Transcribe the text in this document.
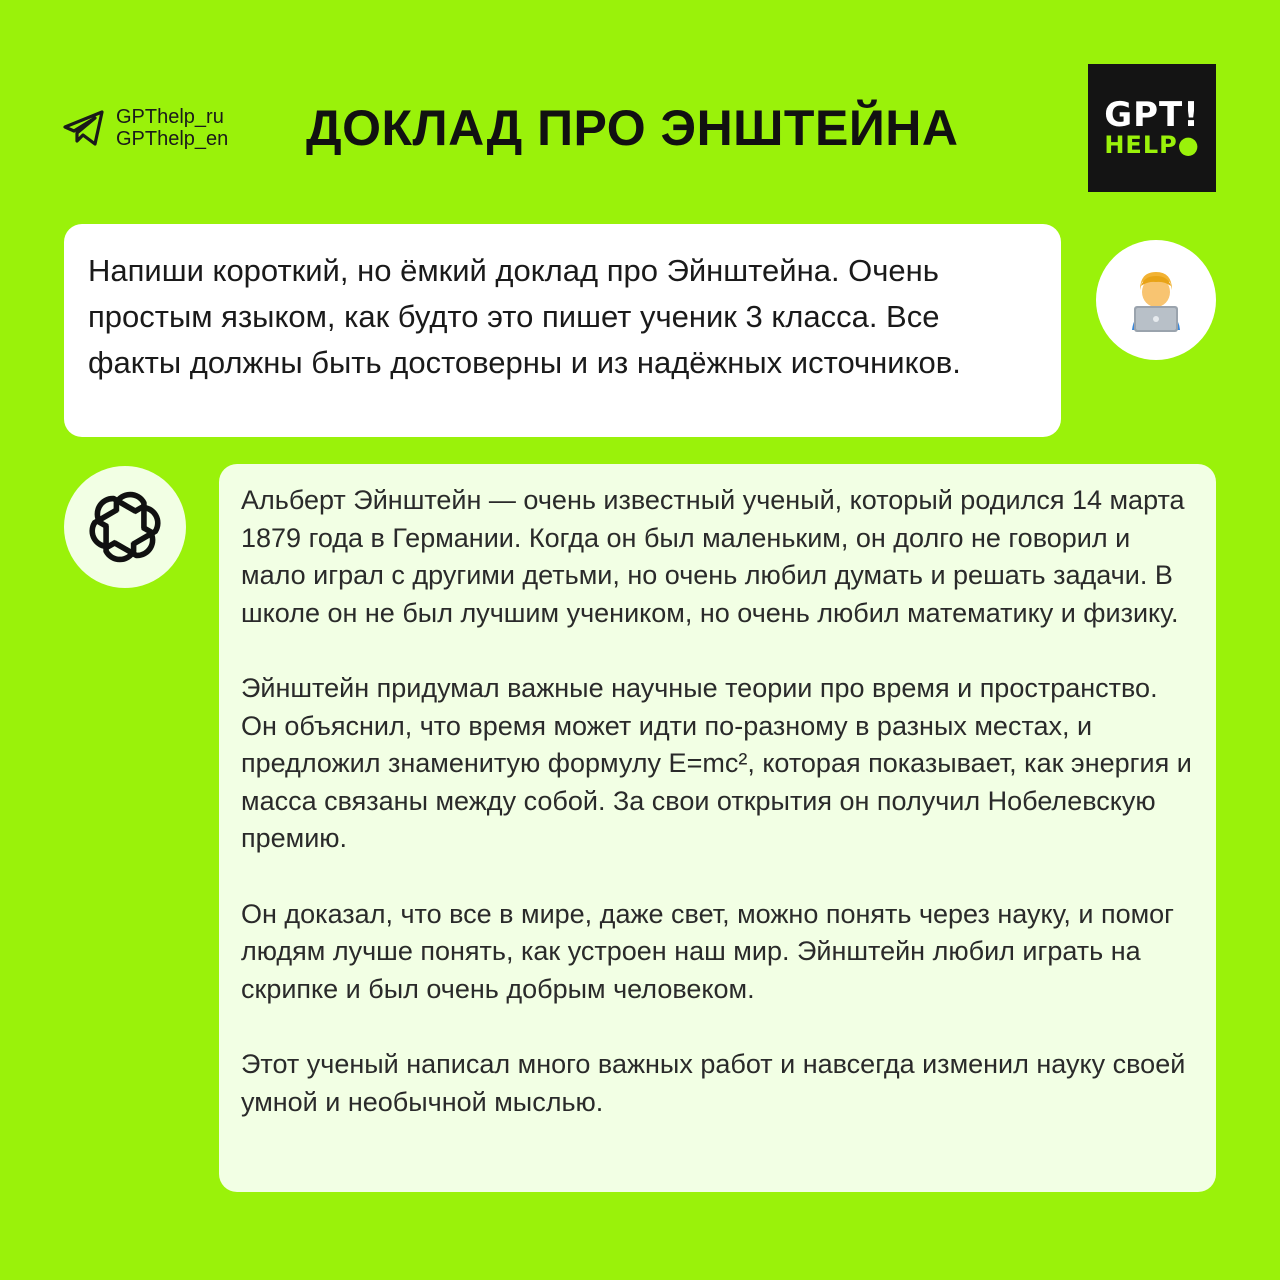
GPThelp_ru
GPThelp_en ДОКЛАД ПРО ЭНШТЕЙНА	GPT!
HELP●
Напиши короткий, но ёмкий доклад про Эйнштейна. Очень простым языком, как будто это пишет ученик 3 класса. Все факты должны быть достоверны и из надёжных источников.

Альберт Эйнштейн — очень известный ученый, который родился 14 марта 1879 года в Германии. Когда он был маленьким, он долго не говорил и мало играл с другими детьми, но очень любил думать и решать задачи. В школе он не был лучшим учеником, но очень любил математику и физику.

Эйнштейн придумал важные научные теории про время и пространство. Он объяснил, что время может идти по-разному в разных местах, и предложил знаменитую формулу E=mc², которая показывает, как энергия и масса связаны между собой. За свои открытия он получил Нобелевскую премию.

Он доказал, что все в мире, даже свет, можно понять через науку, и помог людям лучше понять, как устроен наш мир. Эйнштейн любил играть на скрипке и был очень добрым человеком.

Этот ученый написал много важных работ и навсегда изменил науку своей умной и необычной мыслью.
